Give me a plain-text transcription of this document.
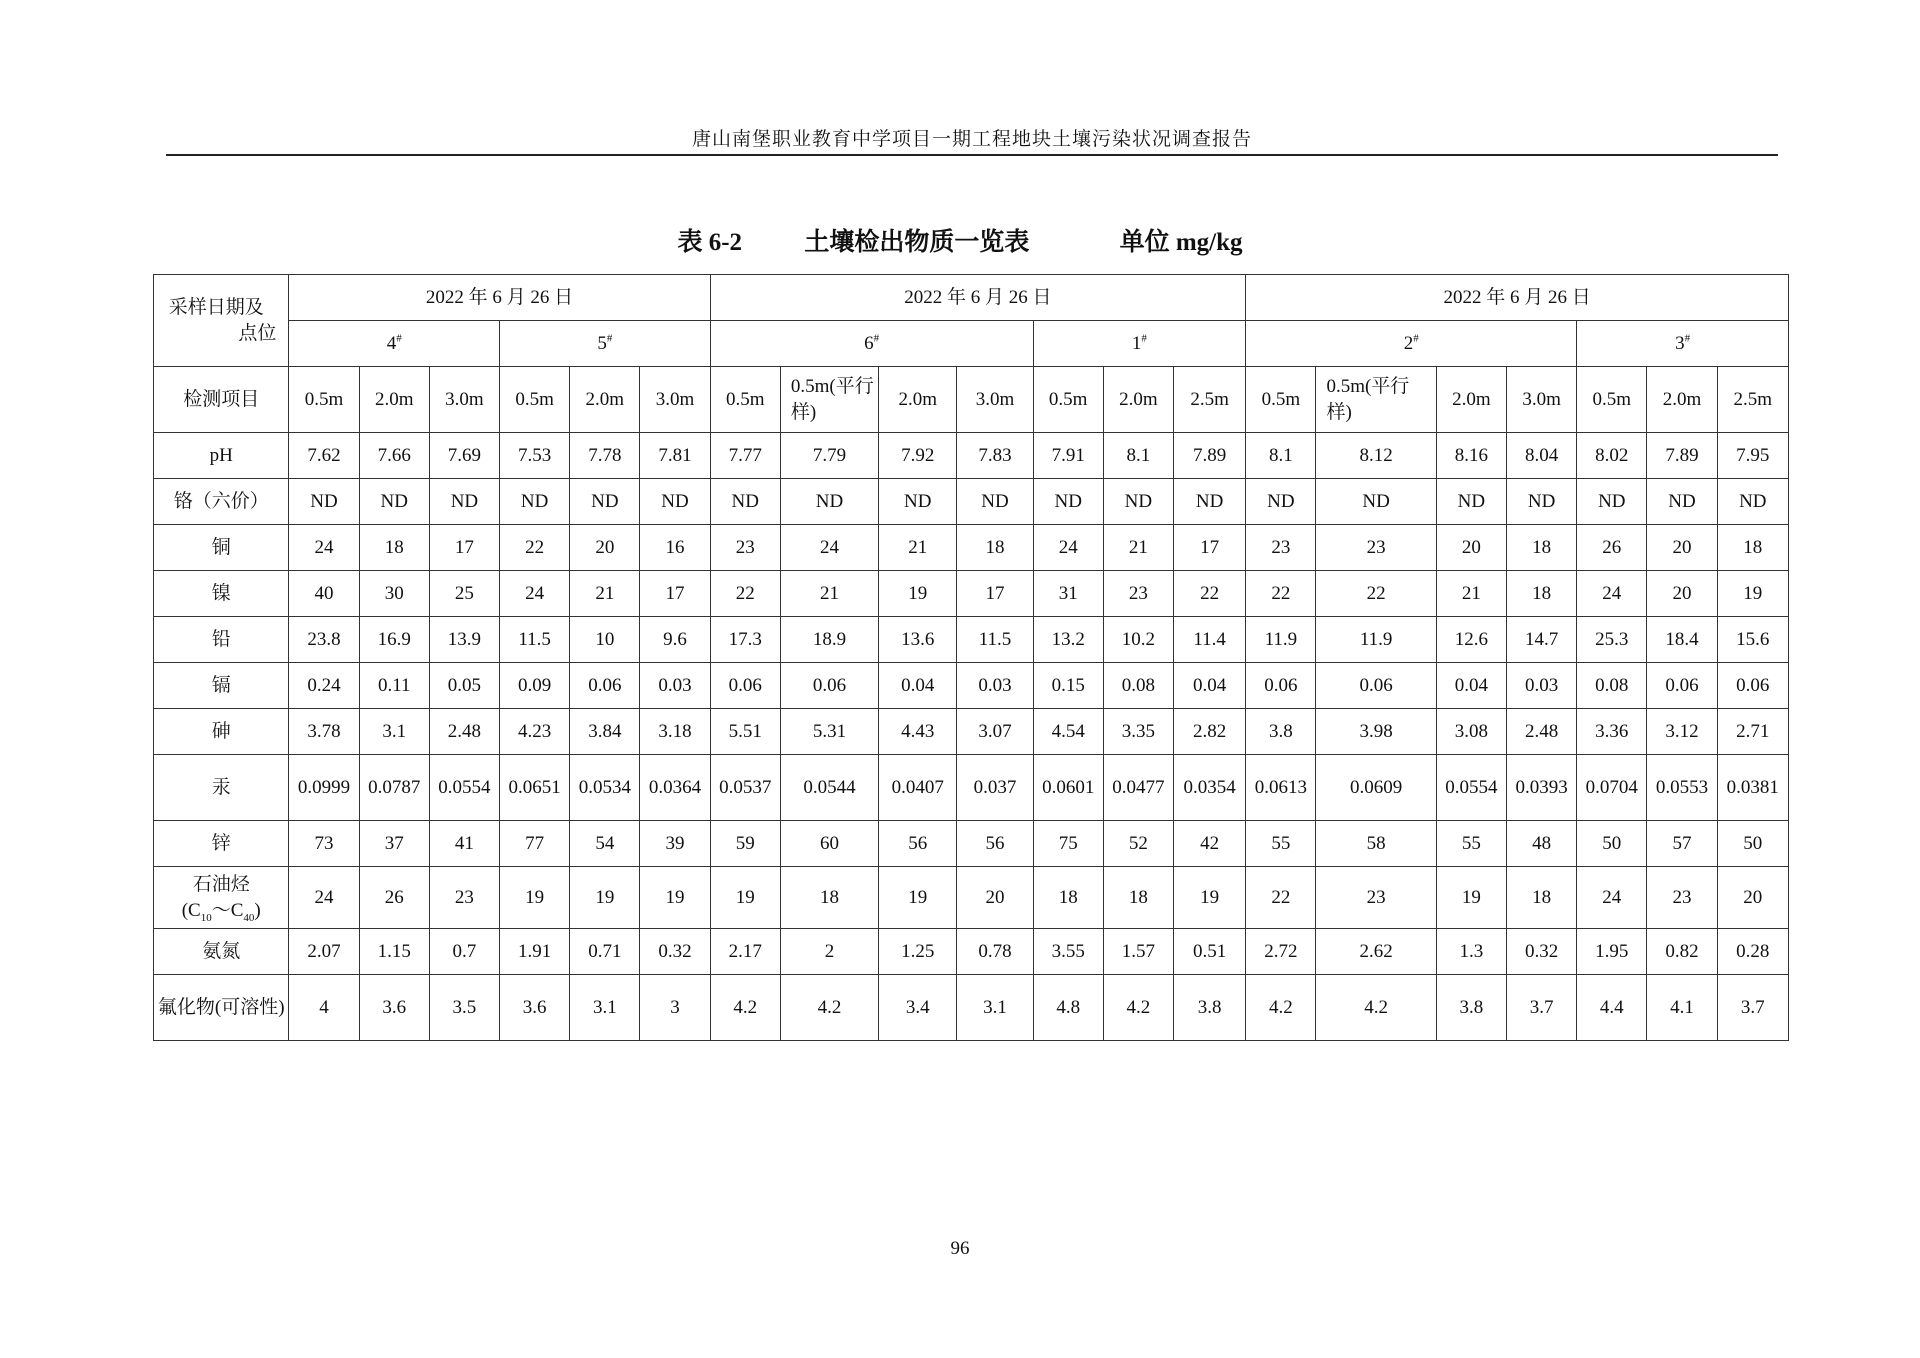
唐山南堡职业教育中学项目一期工程地块土壤污染状况调查报告
表 6-2 土壤检出物质一览表	单位 mg/kg
采样日期及
点位	2022 年 6 月 26 日						2022 年 6 月 26 日							2022 年 6 月 26 日						
	4#			5#			6#				1#			2#				3#
检测项目	0.5m	2.0m	3.0m	0.5m	2.0m	3.0m	0.5m	0.5m(平行样)	2.0m	3.0m	0.5m	2.0m	2.5m	0.5m	0.5m(平行样)	2.0m	3.0m	0.5m	2.0m	2.5m
pH	7.62	7.66	7.69	7.53	7.78	7.81	7.77	7.79	7.92	7.83	7.91	8.1	7.89	8.1	8.12	8.16	8.04	8.02	7.89	7.95
铬（六价）	ND	ND	ND	ND	ND	ND	ND	ND	ND	ND	ND	ND	ND	ND	ND	ND	ND	ND	ND	ND
铜	24	18	17	22	20	16	23	24	21	18	24	21	17	23	23	20	18	26	20	18
镍	40	30	25	24	21	17	22	21	19	17	31	23	22	22	22	21	18	24	20	19
铅	23.8	16.9	13.9	11.5	10	9.6	17.3	18.9	13.6	11.5	13.2	10.2	11.4	11.9	11.9	12.6	14.7	25.3	18.4	15.6
镉	0.24	0.11	0.05	0.09	0.06	0.03	0.06	0.06	0.04	0.03	0.15	0.08	0.04	0.06	0.06	0.04	0.03	0.08	0.06	0.06
砷	3.78	3.1	2.48	4.23	3.84	3.18	5.51	5.31	4.43	3.07	4.54	3.35	2.82	3.8	3.98	3.08	2.48	3.36	3.12	2.71
汞	0.0999	0.0787	0.0554	0.0651	0.0534	0.0364	0.0537	0.0544	0.0407	0.037	0.0601	0.0477	0.0354	0.0613	0.0609	0.0554	0.0393	0.0704	0.0553	0.0381
锌	73	37	41	77	54	39	59	60	56	56	75	52	42	55	58	55	48	50	57	50

石油烃
$(C_{10}\sim C_{40})$	24	26	23	19	19	19	19	18	19	20	18	18	19	22	23	19	18	24	23	20
氨氮	2.07	1.15	0.7	1.91	0.71	0.32	2.17	2	1.25	0.78	3.55	1.57	0.51	2.72	2.62	1.3	0.32	1.95	0.82	0.28
氟化物(可溶性)	4	3.6	3.5	3.6	3.1	3	4.2	4.2	3.4	3.1	4.8	4.2	3.8	4.2	4.2	3.8	3.7	4.4	4.1	3.7
96
